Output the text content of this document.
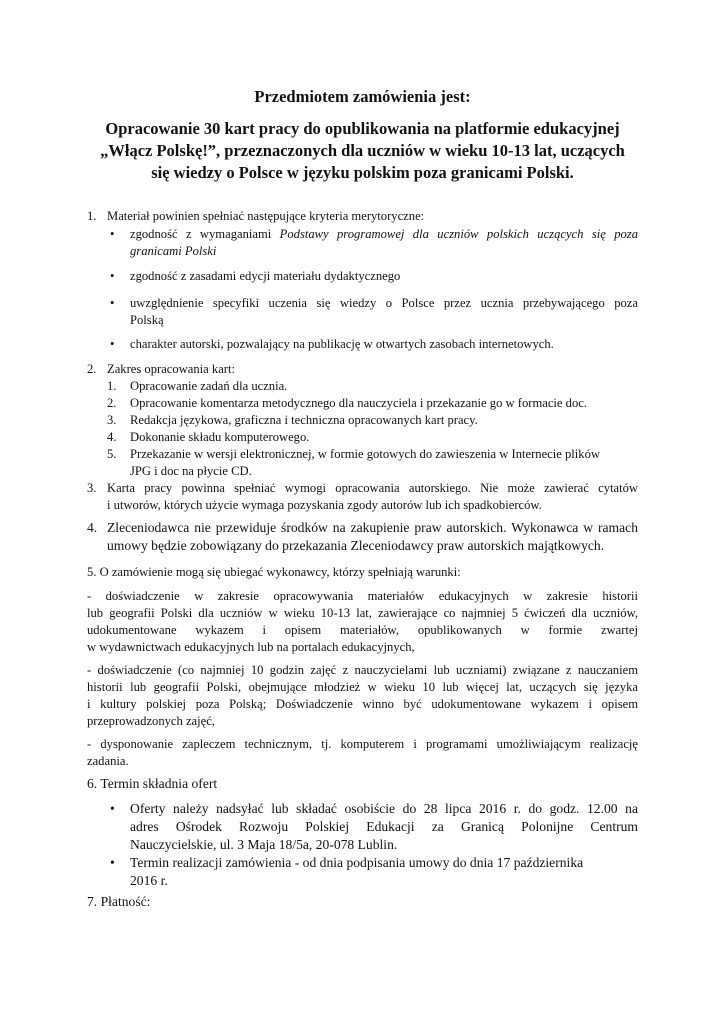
Przedmiotem zamówienia jest:
Opracowanie 30 kart pracy do opublikowania na platformie edukacyjnej
„Włącz Polskę!”, przeznaczonych dla uczniów w wieku 10-13 lat, uczących
się wiedzy o Polsce w języku polskim poza granicami Polski.
1. Materiał powinien spełniać następujące kryteria merytoryczne:
• zgodność z wymaganiami Podstawy programowej dla uczniów polskich uczących się poza
granicami Polski
• zgodność z zasadami edycji materiału dydaktycznego
• uwzględnienie specyfiki uczenia się wiedzy o Polsce przez ucznia przebywającego poza
Polską
• charakter autorski, pozwalający na publikację w otwartych zasobach internetowych.
2. Zakres opracowania kart:
1. Opracowanie zadań dla ucznia.
2. Opracowanie komentarza metodycznego dla nauczyciela i przekazanie go w formacie doc.
3. Redakcja językowa, graficzna i techniczna opracowanych kart pracy.
4. Dokonanie składu komputerowego.
5. Przekazanie w wersji elektronicznej, w formie gotowych do zawieszenia w Internecie plików
JPG i doc na płycie CD.
3. Karta pracy powinna spełniać wymogi opracowania autorskiego. Nie może zawierać cytatów
i utworów, których użycie wymaga pozyskania zgody autorów lub ich spadkobierców.
4. Zleceniodawca nie przewiduje środków na zakupienie praw autorskich. Wykonawca w ramach
umowy będzie zobowiązany do przekazania Zleceniodawcy praw autorskich majątkowych.
5. O zamówienie mogą się ubiegać wykonawcy, którzy spełniają warunki:
- doświadczenie w zakresie opracowywania materiałów edukacyjnych w zakresie historii
lub geografii Polski dla uczniów w wieku 10-13 lat, zawierające co najmniej 5 ćwiczeń dla uczniów,
udokumentowane wykazem i opisem materiałów, opublikowanych w formie zwartej
w wydawnictwach edukacyjnych lub na portalach edukacyjnych,
- doświadczenie (co najmniej 10 godzin zajęć z nauczycielami lub uczniami) związane z nauczaniem
historii lub geografii Polski, obejmujące młodzież w wieku 10 lub więcej lat, uczących się języka
i kultury polskiej poza Polską; Doświadczenie winno być udokumentowane wykazem i opisem
przeprowadzonych zajęć,
- dysponowanie zapleczem technicznym, tj. komputerem i programami umożliwiającym realizację
zadania.
6. Termin składnia ofert
• Oferty należy nadsyłać lub składać osobiście do 28 lipca 2016 r. do godz. 12.00 na
adres Ośrodek Rozwoju Polskiej Edukacji za Granicą Polonijne Centrum
Nauczycielskie, ul. 3 Maja 18/5a, 20-078 Lublin.
• Termin realizacji zamówienia - od dnia podpisania umowy do dnia 17 października
2016 r.
7. Płatność:
